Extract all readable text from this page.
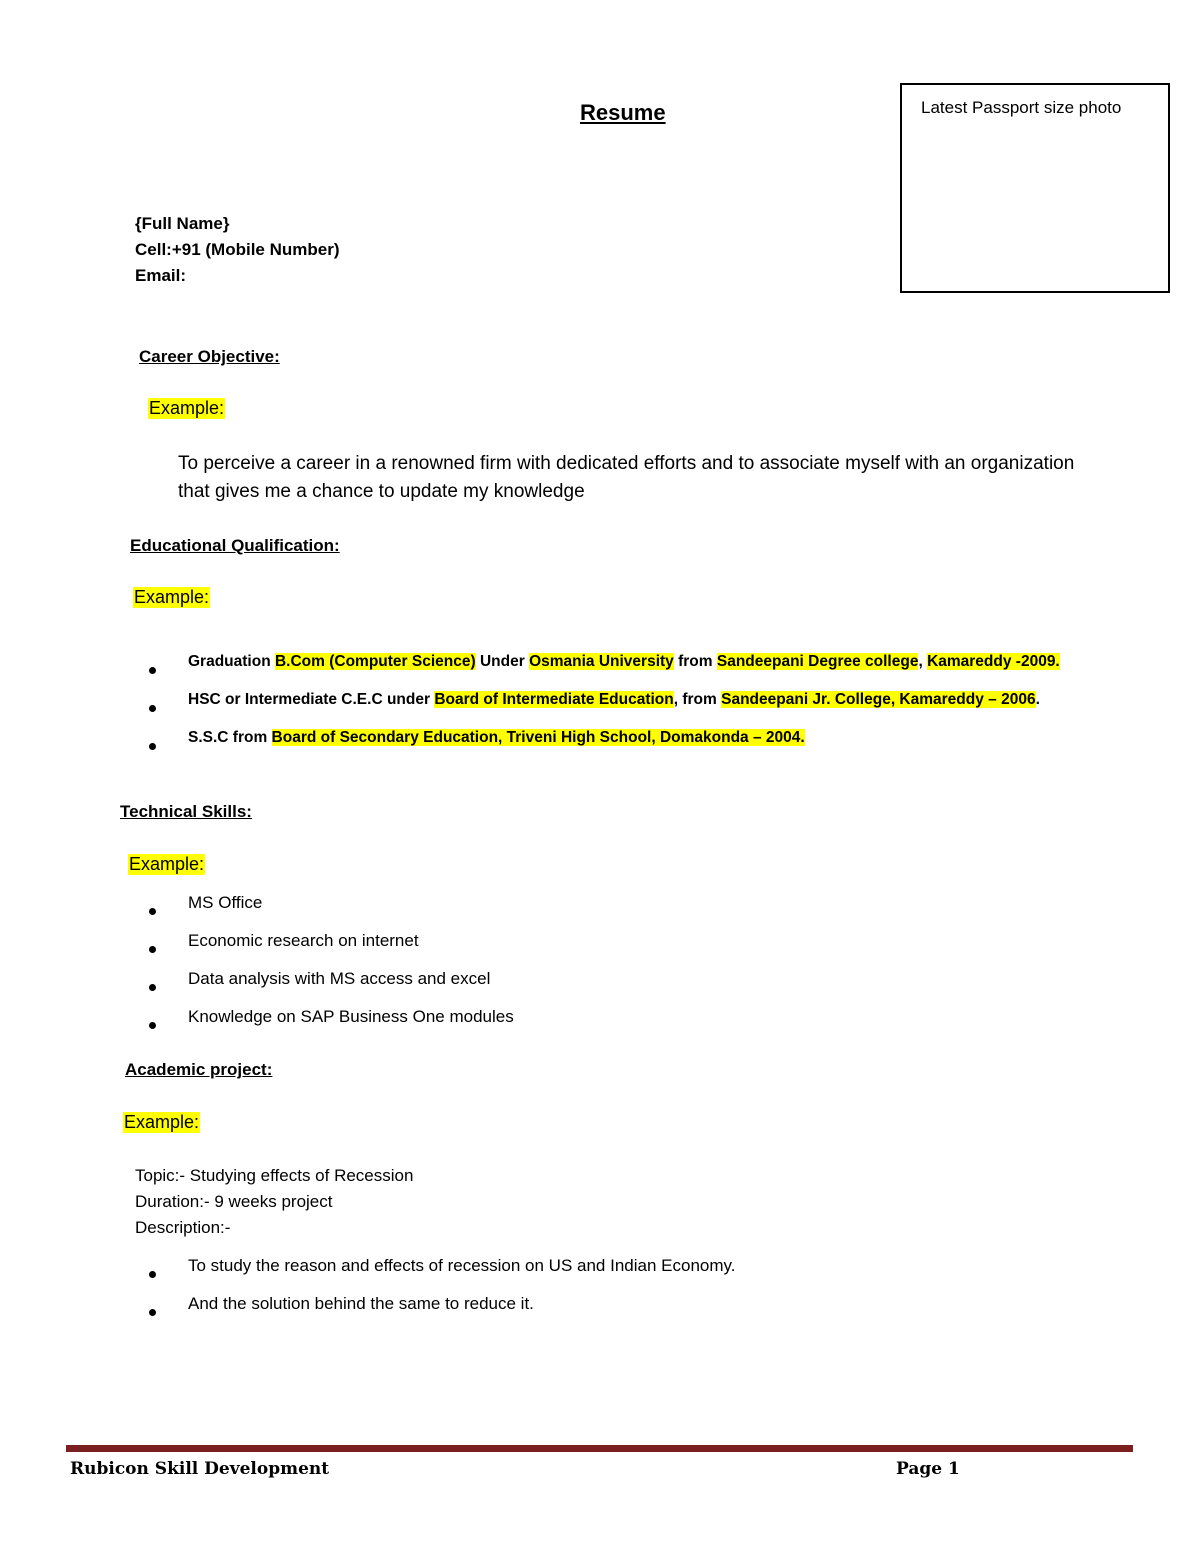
Resume	Latest Passport size photo
{Full Name}
Cell:+91 (Mobile Number)
Email:
Career Objective:
Example:
To perceive a career in a renowned firm with dedicated efforts and to associate myself with an organization that gives me a chance to update my knowledge
Educational Qualification:
Example:
Graduation B.Com (Computer Science) Under Osmania University from Sandeepani Degree college, Kamareddy -2009.
HSC or Intermediate C.E.C under Board of Intermediate Education, from Sandeepani Jr. College, Kamareddy – 2006.
S.S.C from Board of Secondary Education, Triveni High School, Domakonda – 2004.
Technical Skills:
Example:
MS Office
Economic research on internet
Data analysis with MS access and excel
Knowledge on SAP Business One modules
Academic project:
Example:
Topic:- Studying effects of Recession
Duration:- 9 weeks project
Description:-
To study the reason and effects of recession on US and Indian Economy.
And the solution behind the same to reduce it.
Rubicon Skill Development	Page 1
